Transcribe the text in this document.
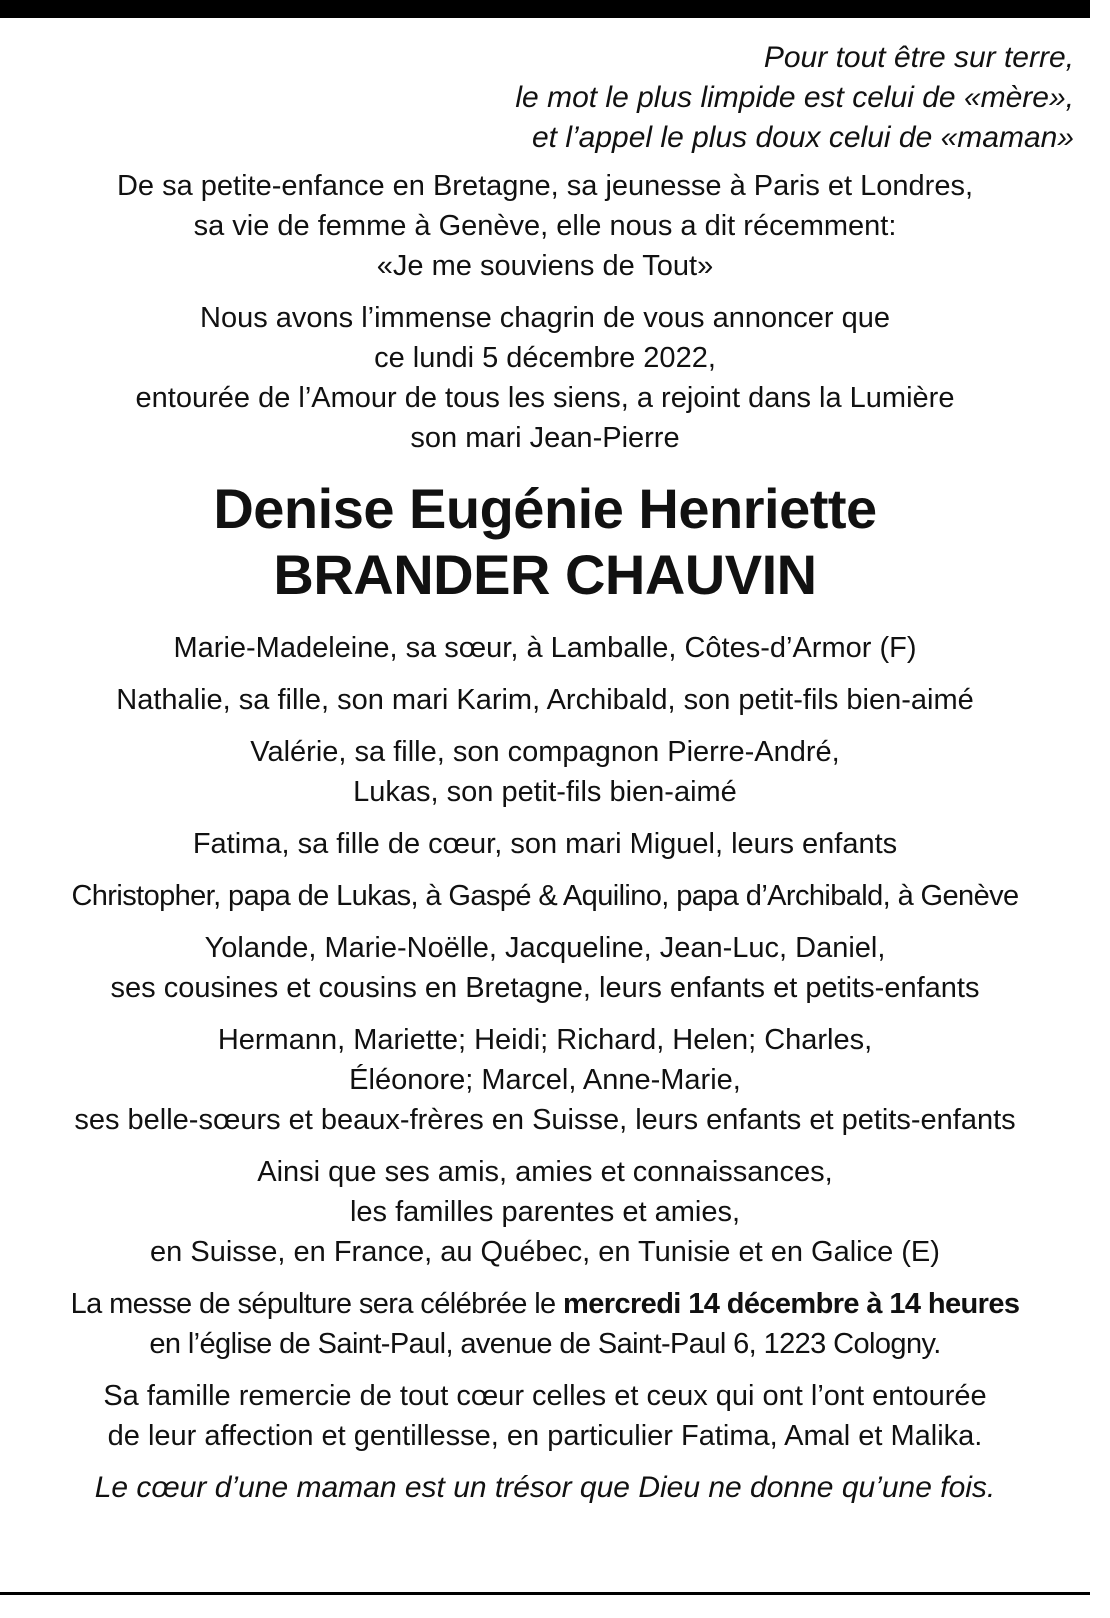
Pour tout être sur terre,
le mot le plus limpide est celui de «mère»,
et l’appel le plus doux celui de «maman»
De sa petite-enfance en Bretagne, sa jeunesse à Paris et Londres,
sa vie de femme à Genève, elle nous a dit récemment:
«Je me souviens de Tout»
Nous avons l’immense chagrin de vous annoncer que
ce lundi 5 décembre 2022,
entourée de l’Amour de tous les siens, a rejoint dans la Lumière
son mari Jean-Pierre
Denise Eugénie Henriette
BRANDER CHAUVIN
Marie-Madeleine, sa sœur, à Lamballe, Côtes-d’Armor (F)
Nathalie, sa fille, son mari Karim, Archibald, son petit-fils bien-aimé
Valérie, sa fille, son compagnon Pierre-André,
Lukas, son petit-fils bien-aimé
Fatima, sa fille de cœur, son mari Miguel, leurs enfants
Christopher, papa de Lukas, à Gaspé & Aquilino, papa d’Archibald, à Genève
Yolande, Marie-Noëlle, Jacqueline, Jean-Luc, Daniel,
ses cousines et cousins en Bretagne, leurs enfants et petits-enfants
Hermann, Mariette; Heidi; Richard, Helen; Charles,
Éléonore; Marcel, Anne-Marie,
ses belle-sœurs et beaux-frères en Suisse, leurs enfants et petits-enfants
Ainsi que ses amis, amies et connaissances,
les familles parentes et amies,
en Suisse, en France, au Québec, en Tunisie et en Galice (E)
La messe de sépulture sera célébrée le mercredi 14 décembre à 14 heures
en l’église de Saint-Paul, avenue de Saint-Paul 6, 1223 Cologny.
Sa famille remercie de tout cœur celles et ceux qui ont l’ont entourée
de leur affection et gentillesse, en particulier Fatima, Amal et Malika.
Le cœur d’une maman est un trésor que Dieu ne donne qu’une fois.
